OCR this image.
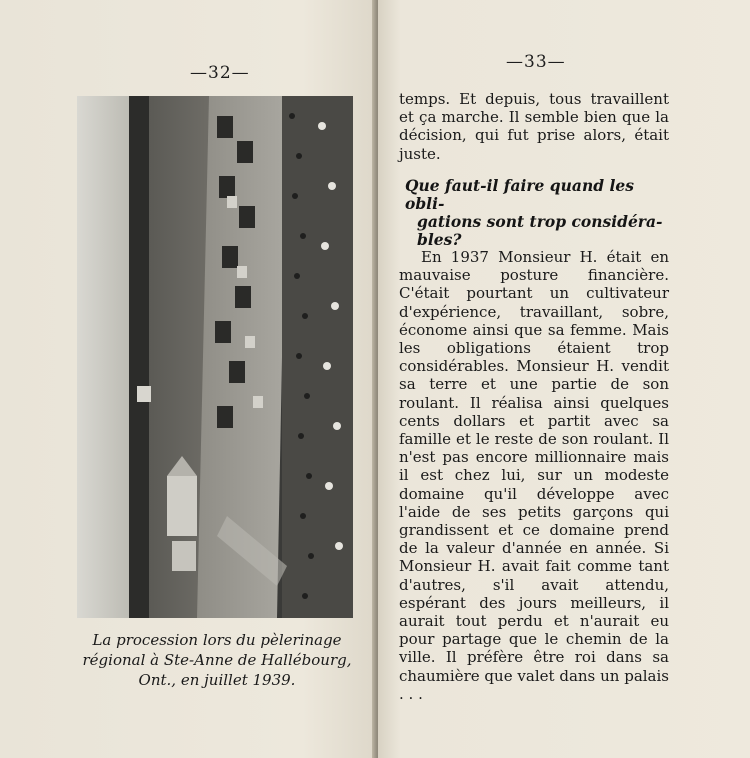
—32—
La procession lors du pèlerinage régional à Ste-Anne de Hallébourg, Ont., en juillet 1939.
—33—

temps. Et depuis, tous travaillent et ça marche. Il semble bien que la décision, qui fut prise alors, était juste.

Que faut-il faire quand les obli-
gations sont trop considéra-
bles?

En 1937 Monsieur H. était en mauvaise posture financière. C'était pourtant un cultivateur d'expérience, travaillant, sobre, économe ainsi que sa femme. Mais les obligations étaient trop considérables. Monsieur H. vendit sa terre et une partie de son roulant. Il réalisa ainsi quelques cents dollars et partit avec sa famille et le reste de son roulant. Il n'est pas encore millionnaire mais il est chez lui, sur un modeste domaine qu'il développe avec l'aide de ses petits garçons qui grandissent et ce domaine prend de la valeur d'année en année. Si Monsieur H. avait fait comme tant d'autres, s'il avait attendu, espérant des jours meilleurs, il aurait tout perdu et n'aurait eu pour partage que le chemin de la ville. Il préfère être roi dans sa chaumière que valet dans un palais . . .
